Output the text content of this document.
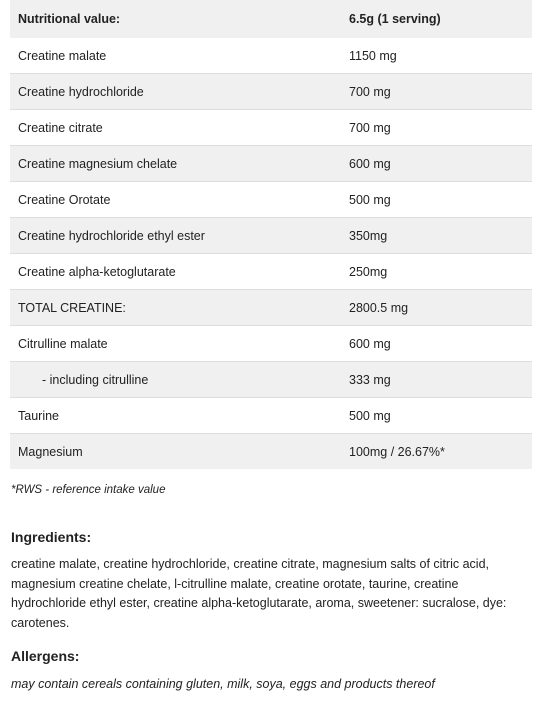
Nutritional value:	6.5g (1 serving)
Creatine malate	1150 mg
Creatine hydrochloride	700 mg
Creatine citrate	700 mg
Creatine magnesium chelate	600 mg
Creatine Orotate	500 mg
Creatine hydrochloride ethyl ester	350mg
Creatine alpha-ketoglutarate	250mg
TOTAL CREATINE:	2800.5 mg
Citrulline malate	600 mg
- including citrulline	333 mg
Taurine	500 mg
Magnesium	100mg / 26.67%*

*RWS - reference intake value

Ingredients:

creatine malate, creatine hydrochloride, creatine citrate, magnesium salts of citric acid, magnesium creatine chelate, l-citrulline malate, creatine orotate, taurine, creatine hydrochloride ethyl ester, creatine alpha-ketoglutarate, aroma, sweetener: sucralose, dye: carotenes.

Allergens:

may contain cereals containing gluten, milk, soya, eggs and products thereof
